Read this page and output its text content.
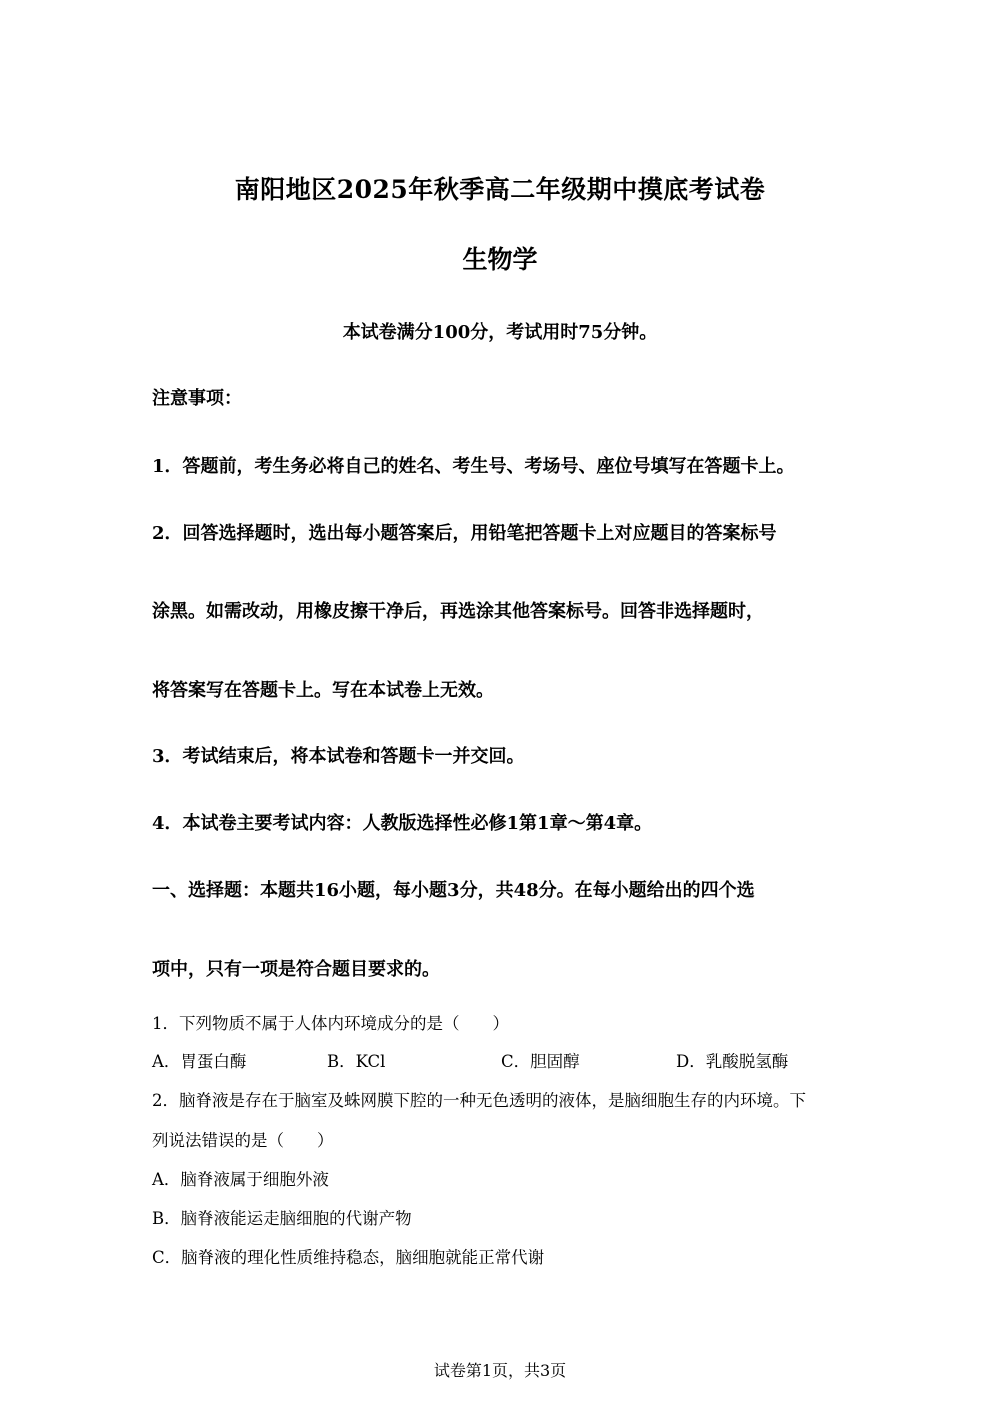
南阳地区2025年秋季高二年级期中摸底考试卷
生物学
本试卷满分100分，考试用时75分钟。
注意事项：
1．答题前，考生务必将自己的姓名、考生号、考场号、座位号填写在答题卡上。
2．回答选择题时，选出每小题答案后，用铅笔把答题卡上对应题目的答案标号
涂黑。如需改动，用橡皮擦干净后，再选涂其他答案标号。回答非选择题时，
将答案写在答题卡上。写在本试卷上无效。
3．考试结束后，将本试卷和答题卡一并交回。
4．本试卷主要考试内容：人教版选择性必修1第1章～第4章。
一、选择题：本题共16小题，每小题3分，共48分。在每小题给出的四个选
项中，只有一项是符合题目要求的。
1．下列物质不属于人体内环境成分的是（　　）
A．胃蛋白酶	B．KCl	C．胆固醇	D．乳酸脱氢酶
2．脑脊液是存在于脑室及蛛网膜下腔的一种无色透明的液体，是脑细胞生存的内环境。下
列说法错误的是（　　）
A．脑脊液属于细胞外液
B．脑脊液能运走脑细胞的代谢产物
C．脑脊液的理化性质维持稳态，脑细胞就能正常代谢
试卷第1页，共3页
